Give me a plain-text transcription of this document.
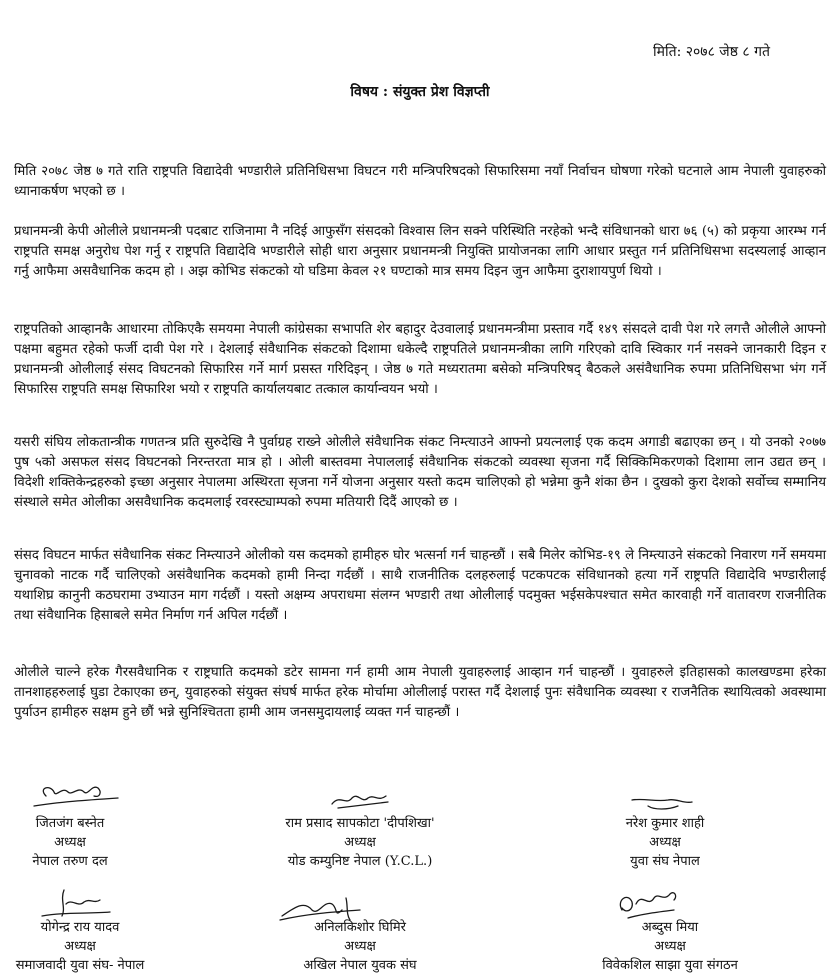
मिति: २०७८ जेष्ठ ८ गते
विषय : संयुक्त प्रेश विज्ञप्ती

मिति २०७८ जेष्ठ ७ गते राति राष्ट्रपति विद्यादेवी भण्डारीले प्रतिनिधिसभा विघटन गरी मन्त्रिपरिषदको सिफारिसमा नयाँ निर्वाचन घोषणा गरेको घटनाले आम नेपाली युवाहरुको ध्यानाकर्षण भएको छ ।

प्रधानमन्त्री केपी ओलीले प्रधानमन्त्री पदबाट राजिनामा नै नदिई आफुसँग संसदको विश्वास लिन सक्ने परिस्थिति नरहेको भन्दै संविधानको धारा ७६ (५) को प्रकृया आरम्भ गर्न राष्ट्रपति समक्ष अनुरोध पेश गर्नु र राष्ट्रपति विद्यादेवि भण्डारीले सोही धारा अनुसार प्रधानमन्त्री नियुक्ति प्रायोजनका लागि आधार प्रस्तुत गर्न प्रतिनिधिसभा सदस्यलाई आव्हान गर्नु आफैमा असवैधानिक कदम हो । अझ कोभिड संकटको यो घडिमा केवल २१ घण्टाको मात्र समय दिइन जुन आफैमा दुराशायपुर्ण थियो ।

राष्ट्रपतिको आव्हानकै आधारमा तोकिएकै समयमा नेपाली कांग्रेसका सभापति शेर बहादुर देउवालाई प्रधानमन्त्रीमा प्रस्ताव गर्दै १४९ संसदले दावी पेश गरे लगत्तै ओलीले आफ्नो पक्षमा बहुमत रहेको फर्जी दावी पेश गरे । देशलाई संवैधानिक संकटको दिशामा धकेल्दै राष्ट्रपतिले प्रधानमन्त्रीका लागि गरिएको दावि स्विकार गर्न नसक्ने जानकारी दिइन र प्रधानमन्त्री ओलीलाई संसद विघटनको सिफारिस गर्ने मार्ग प्रसस्त गरिदिइन् । जेष्ठ ७ गते मध्यरातमा बसेको मन्त्रिपरिषद् बैठकले असंवैधानिक रुपमा प्रतिनिधिसभा भंग गर्ने सिफारिस राष्ट्रपति समक्ष सिफारिश भयो र राष्ट्रपति कार्यालयबाट तत्काल कार्यान्वयन भयो ।

यसरी संघिय लोकतान्त्रीक गणतन्त्र प्रति सुरुदेखि नै पुर्वाग्रह राख्ने ओलीले संवैधानिक संकट निम्त्याउने आफ्नो प्रयत्नलाई एक कदम अगाडी बढाएका छन् । यो उनको २०७७ पुष ५को असफल संसद विघटनको निरन्तरता मात्र हो । ओली बास्तवमा नेपाललाई संवैधानिक संकटको व्यवस्था सृजना गर्दै सिक्किमिकरणको दिशामा लान उद्यत छन् । विदेशी शक्तिकेन्द्रहरुको इच्छा अनुसार नेपालमा अस्थिरता सृजना गर्ने योजना अनुसार यस्तो कदम चालिएको हो भन्नेमा कुनै शंका छैन । दुखको कुरा देशको सर्वोच्च सम्मानिय संस्थाले समेत ओलीका असवैधानिक कदमलाई रवरस्ट्याम्पको रुपमा मतियारी दिदैं आएको छ ।

संसद विघटन मार्फत संवैधानिक संकट निम्त्याउने ओलीको यस कदमको हामीहरु घोर भत्सर्ना गर्न चाहन्छौं । सबै मिलेर कोभिड-१९ ले निम्त्याउने संकटको निवारण गर्ने समयमा चुनावको नाटक गर्दै चालिएको असंवैधानिक कदमको हामी निन्दा गर्दछौं । साथै राजनीतिक दलहरुलाई पटकपटक संविधानको हत्या गर्ने राष्ट्रपति विद्यादेवि भण्डारीलाई यथाशिघ्र कानुनी कठघरामा उभ्याउन माग गर्दछौं । यस्तो अक्षम्य अपराधमा संलग्न भण्डारी तथा ओलीलाई पदमुक्त भईसकेपश्चात समेत कारवाही गर्ने वातावरण राजनीतिक तथा संवैधानिक हिसाबले समेत निर्माण गर्न अपिल गर्दछौं ।

ओलीले चाल्ने हरेक गैरसवैधानिक र राष्ट्रघाति कदमको डटेर सामना गर्न हामी आम नेपाली युवाहरुलाई आव्हान गर्न चाहन्छौं । युवाहरुले इतिहासको कालखण्डमा हरेका तानशाहहरुलाई घुडा टेकाएका छन्, युवाहरुको संयुक्त संघर्ष मार्फत हरेक मोर्चामा ओलीलाई परास्त गर्दै देशलाई पुनः संवैधानिक व्यवस्था र राजनैतिक स्थायित्वको अवस्थामा पुर्याउन हामीहरु सक्षम हुने छौं भन्ने सुनिश्चितता हामी आम जनसमुदायलाई व्यक्त गर्न चाहन्छौं ।

जितजंग बस्नेत
अध्यक्ष
नेपाल तरुण दल
राम प्रसाद सापकोटा 'दीपशिखा'
अध्यक्ष
योड कम्युनिष्ट नेपाल (Y.C.L.)
नरेश कुमार शाही
अध्यक्ष
युवा संघ नेपाल
योगेन्द्र राय यादव
अध्यक्ष
समाजवादी युवा संघ- नेपाल
अनिलकिशोर घिमिरे
अध्यक्ष
अखिल नेपाल युवक संघ
अब्दुस मिया
अध्यक्ष
विवेकशिल साझा युवा संगठन
